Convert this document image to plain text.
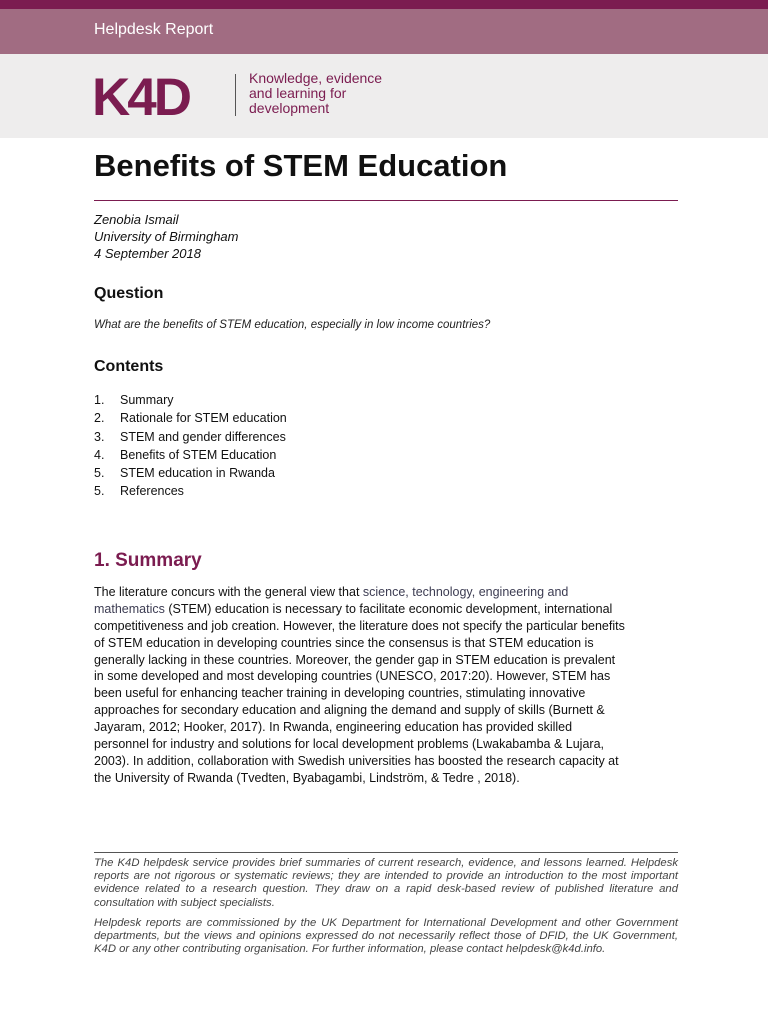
Helpdesk Report
K4D	Knowledge, evidence
and learning for
development
Benefits of STEM Education
Zenobia Ismail
University of Birmingham
4 September 2018
Question
What are the benefits of STEM education, especially in low income countries?
Contents
1.	Summary
2.	Rationale for STEM education
3.	STEM and gender differences
4.	Benefits of STEM Education
5.	STEM education in Rwanda
5.	References
1. Summary
The literature concurs with the general view that science, technology, engineering and
mathematics (STEM) education is necessary to facilitate economic development, international
competitiveness and job creation. However, the literature does not specify the particular benefits
of STEM education in developing countries since the consensus is that STEM education is
generally lacking in these countries. Moreover, the gender gap in STEM education is prevalent
in some developed and most developing countries (UNESCO, 2017:20). However, STEM has
been useful for enhancing teacher training in developing countries, stimulating innovative
approaches for secondary education and aligning the demand and supply of skills (Burnett &
Jayaram, 2012; Hooker, 2017). In Rwanda, engineering education has provided skilled
personnel for industry and solutions for local development problems (Lwakabamba & Lujara,
2003). In addition, collaboration with Swedish universities has boosted the research capacity at
the University of Rwanda (Tvedten, Byabagambi, Lindström, & Tedre , 2018).

The K4D helpdesk service provides brief summaries of current research, evidence, and lessons learned. Helpdesk reports are not rigorous or systematic reviews; they are intended to provide an introduction to the most important evidence related to a research question. They draw on a rapid desk-based review of published literature and consultation with subject specialists.

Helpdesk reports are commissioned by the UK Department for International Development and other Government departments, but the views and opinions expressed do not necessarily reflect those of DFID, the UK Government, K4D or any other contributing organisation. For further information, please contact helpdesk@k4d.info.
